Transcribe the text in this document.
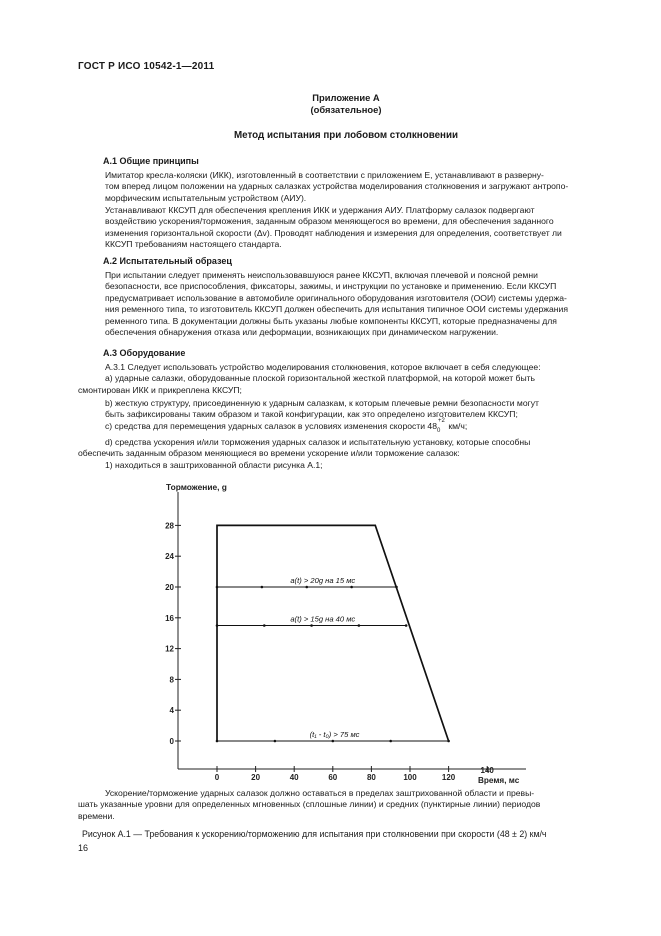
ГОСТ Р ИСО 10542-1—2011
Приложение А
(обязательное)
Метод испытания при лобовом столкновении
А.1 Общие принципы

Имитатор кресла-коляски (ИКК), изготовленный в соответствии с приложением Е, устанавливают в разверну-
том вперед лицом положении на ударных салазках устройства моделирования столкновения и загружают антропо-
морфическим испытательным устройством (АИУ).

Устанавливают ККСУП для обеспечения крепления ИКК и удержания АИУ. Платформу салазок подвергают
воздействию ускорения/торможения, заданным образом меняющегося во времени, для обеспечения заданного
изменения горизонтальной скорости (Δv). Проводят наблюдения и измерения для определения, соответствует ли
ККСУП требованиям настоящего стандарта.

А.2 Испытательный образец

При испытании следует применять неиспользовавшуюся ранее ККСУП, включая плечевой и поясной ремни
безопасности, все приспособления, фиксаторы, зажимы, и инструкции по установке и применению. Если ККСУП
предусматривает использование в автомобиле оригинального оборудования изготовителя (ООИ) системы удержа-
ния ременного типа, то изготовитель ККСУП должен обеспечить для испытания типичное ООИ системы удержания
ременного типа. В документации должны быть указаны любые компоненты ККСУП, которые предназначены для
обеспечения обнаружения отказа или деформации, возникающих при динамическом нагружении.

А.3 Оборудование

А.3.1 Следует использовать устройство моделирования столкновения, которое включает в себя следующее:
а) ударные салазки, оборудованные плоской горизонтальной жесткой платформой, на которой может быть
смонтирован ИКК и прикреплена ККСУП;

b) жесткую структуру, присоединенную к ударным салазкам, к которым плечевые ремни безопасности могут
быть зафиксированы таким образом и такой конфигурации, как это определено изготовителем ККСУП;

с) средства для перемещения ударных салазок в условиях изменения скорости 48 +2
0 км/ч;

d) средства ускорения и/или торможения ударных салазок и испытательную установку, которые способны
обеспечить заданным образом меняющиеся во времени ускорение и/или торможение салазок:

1) находиться в заштрихованной области рисунка А.1;
0
4
8
12
16
20
24
28
0	20	40	60	80	100	120
140
Торможение, g
Время, мс
a(t) > 20g на 15 мс
a(t) > 15g на 40 мс
(t₁ - t₀) > 75 мс

Ускорение/торможение ударных салазок должно оставаться в пределах заштрихованной области и превы-
шать указанные уровни для определенных мгновенных (сплошные линии) и средних (пунктирные линии) периодов
времени.

Рисунок А.1 — Требования к ускорению/торможению для испытания при столкновении при скорости (48 ± 2) км/ч
16
